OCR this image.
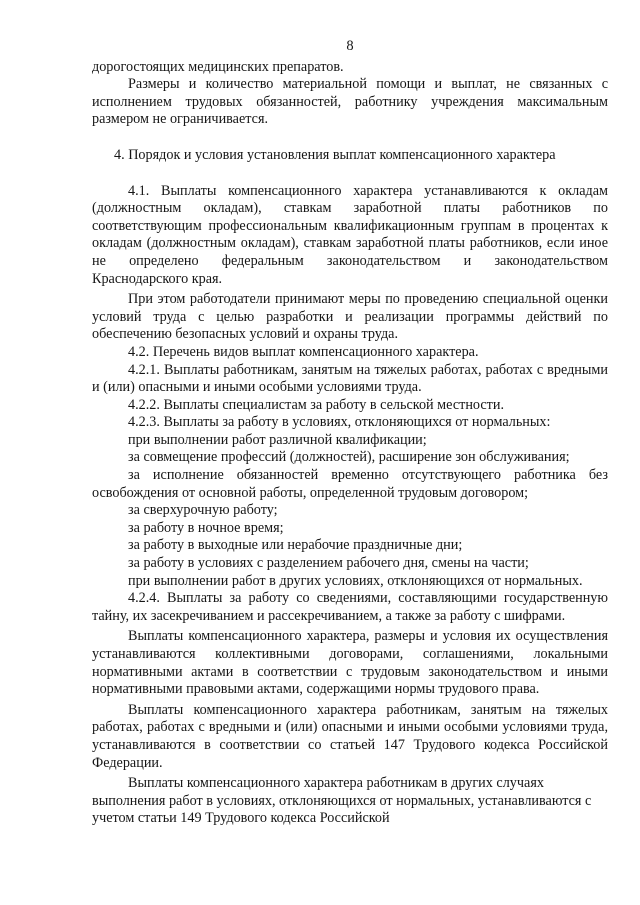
8

дорогостоящих медицинских препаратов.

Размеры и количество материальной помощи и выплат, не связанных с исполнением трудовых обязанностей, работнику учреждения максимальным размером не ограничивается.

4. Порядок и условия установления выплат компенсационного характера

4.1. Выплаты компенсационного характера устанавливаются к окладам (должностным окладам), ставкам заработной платы работников по соответствующим профессиональным квалификационным группам в процентах к окладам (должностным окладам), ставкам заработной платы работников, если иное не определено федеральным законодательством и законодательством Краснодарского края.

При этом работодатели принимают меры по проведению специальной оценки условий труда с целью разработки и реализации программы действий по обеспечению безопасных условий и охраны труда.

4.2. Перечень видов выплат компенсационного характера.

4.2.1. Выплаты работникам, занятым на тяжелых работах, работах с вредными и (или) опасными и иными особыми условиями труда.

4.2.2. Выплаты специалистам за работу в сельской местности.

4.2.3. Выплаты за работу в условиях, отклоняющихся от нормальных:

при выполнении работ различной квалификации;

за совмещение профессий (должностей), расширение зон обслуживания;

за исполнение обязанностей временно отсутствующего работника без освобождения от основной работы, определенной трудовым договором;

за сверхурочную работу;

за работу в ночное время;

за работу в выходные или нерабочие праздничные дни;

за работу в условиях с разделением рабочего дня, смены на части;

при выполнении работ в других условиях, отклоняющихся от нормальных.

4.2.4. Выплаты за работу со сведениями, составляющими государственную тайну, их засекречиванием и рассекречиванием, а также за работу с шифрами.

Выплаты компенсационного характера, размеры и условия их осуществления устанавливаются коллективными договорами, соглашениями, локальными нормативными актами в соответствии с трудовым законодательством и иными нормативными правовыми актами, содержащими нормы трудового права.

Выплаты компенсационного характера работникам, занятым на тяжелых работах, работах с вредными и (или) опасными и иными особыми условиями труда, устанавливаются в соответствии со статьей 147 Трудового кодекса Российской Федерации.

Выплаты компенсационного характера работникам в других случаях выполнения работ в условиях, отклоняющихся от нормальных, устанавливаются с учетом статьи 149 Трудового кодекса Российской
